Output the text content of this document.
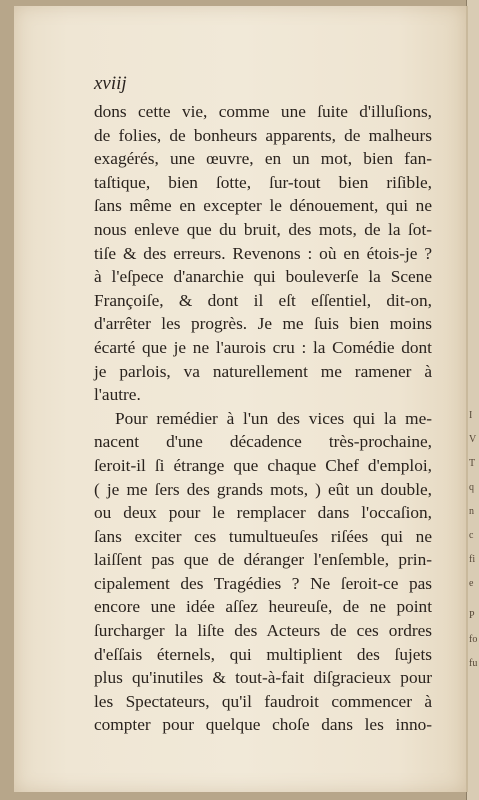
I
V
T
q
n
c
fi
e
P
fo
fu
xviij
dons cette vie, comme une ſuite d'illuſions,
de folies, de bonheurs apparents, de malheurs
exagérés, une œuvre, en un mot, bien fan-
taſtique, bien ſotte, ſur-tout bien riſible,
ſans même en excepter le dénouement, qui ne
nous enleve que du bruit, des mots, de la ſot-
tiſe & des erreurs. Revenons : où en étois-je ?
à l'eſpece d'anarchie qui bouleverſe la Scene
Françoiſe, & dont il eſt eſſentiel, dit-on,
d'arrêter les progrès. Je me ſuis bien moins
écarté que je ne l'aurois cru : la Comédie dont
je parlois, va naturellement me ramener à
l'autre.
Pour remédier à l'un des vices qui la me-
nacent d'une décadence très-prochaine,
ſeroit-il ſi étrange que chaque Chef d'emploi,
( je me ſers des grands mots, ) eût un double,
ou deux pour le remplacer dans l'occaſion,
ſans exciter ces tumultueuſes riſées qui ne
laiſſent pas que de déranger l'enſemble, prin-
cipalement des Tragédies ? Ne ſeroit-ce pas
encore une idée aſſez heureuſe, de ne point
ſurcharger la liſte des Acteurs de ces ordres
d'eſſais éternels, qui multiplient des ſujets
plus qu'inutiles & tout-à-fait diſgracieux pour
les Spectateurs, qu'il faudroit commencer à
compter pour quelque choſe dans les inno-
